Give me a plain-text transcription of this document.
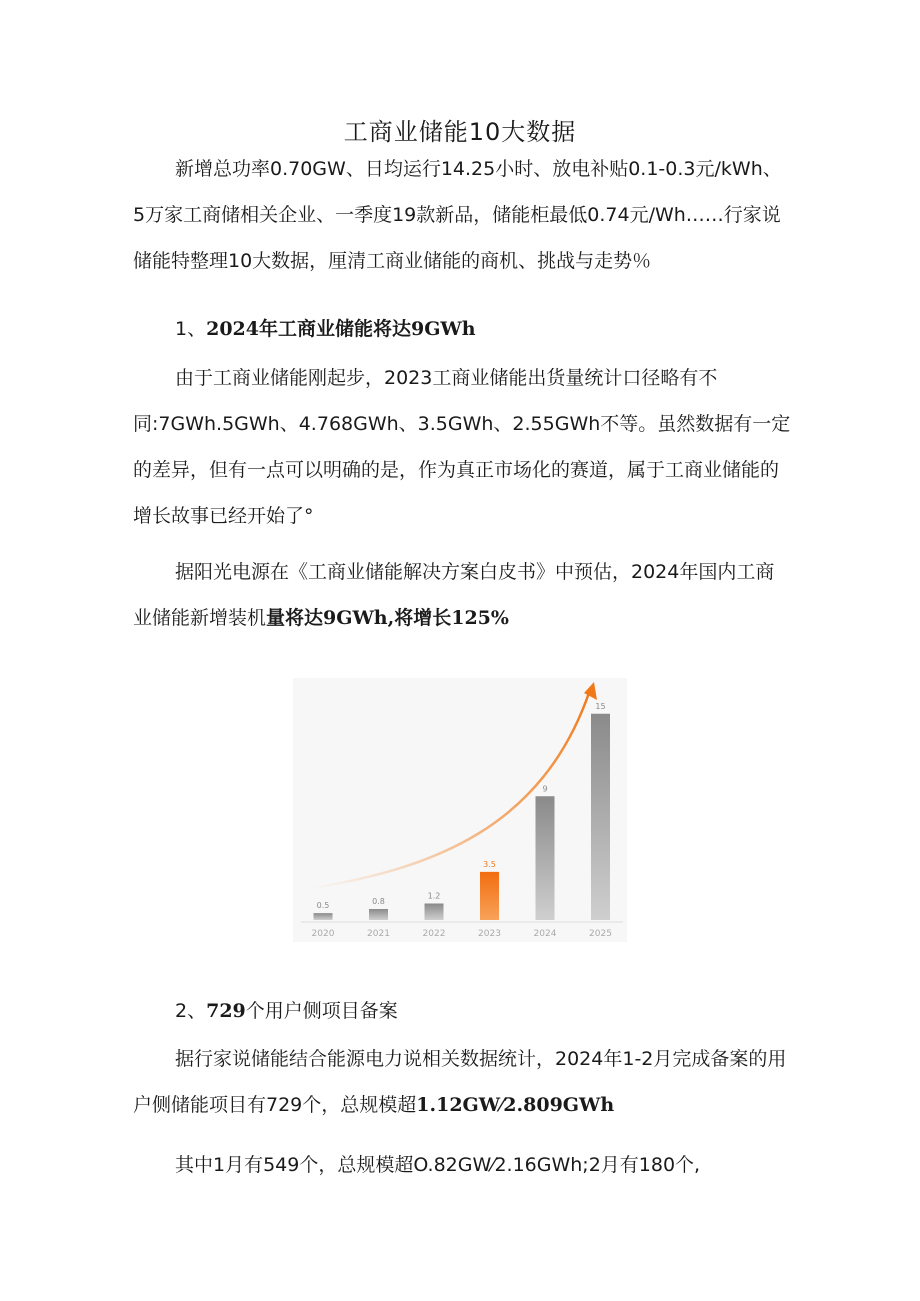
工商业储能10大数据

新增总功率0.70GW、日均运行14.25小时、放电补贴0.1-0.3元/kWh、5万家工商储相关企业、一季度19款新品，储能柜最低0.74元/Wh……行家说储能特整理10大数据，厘清工商业储能的商机、挑战与走势％

1、2024年工商业储能将达9GWh

由于工商业储能刚起步，2023工商业储能出货量统计口径略有不同:7GWh.5GWh、4.768GWh、3.5GWh、2.55GWh不等。虽然数据有一定的差异，但有一点可以明确的是，作为真正市场化的赛道，属于工商业储能的增长故事已经开始了°

据阳光电源在《工商业储能解决方案白皮书》中预估，2024年国内工商业储能新增装机量将达9GWh,将增长125%

0.5
2020
0.8
2021
1.2
2022
3.5
2023
9
2024
15
2025
2、729个用户侧项目备案

据行家说储能结合能源电力说相关数据统计，2024年1-2月完成备案的用户侧储能项目有729个，总规模超1.12GW⁄2.809GWh

其中1月有549个，总规模超O.82GW⁄2.16GWh;2月有180个,
